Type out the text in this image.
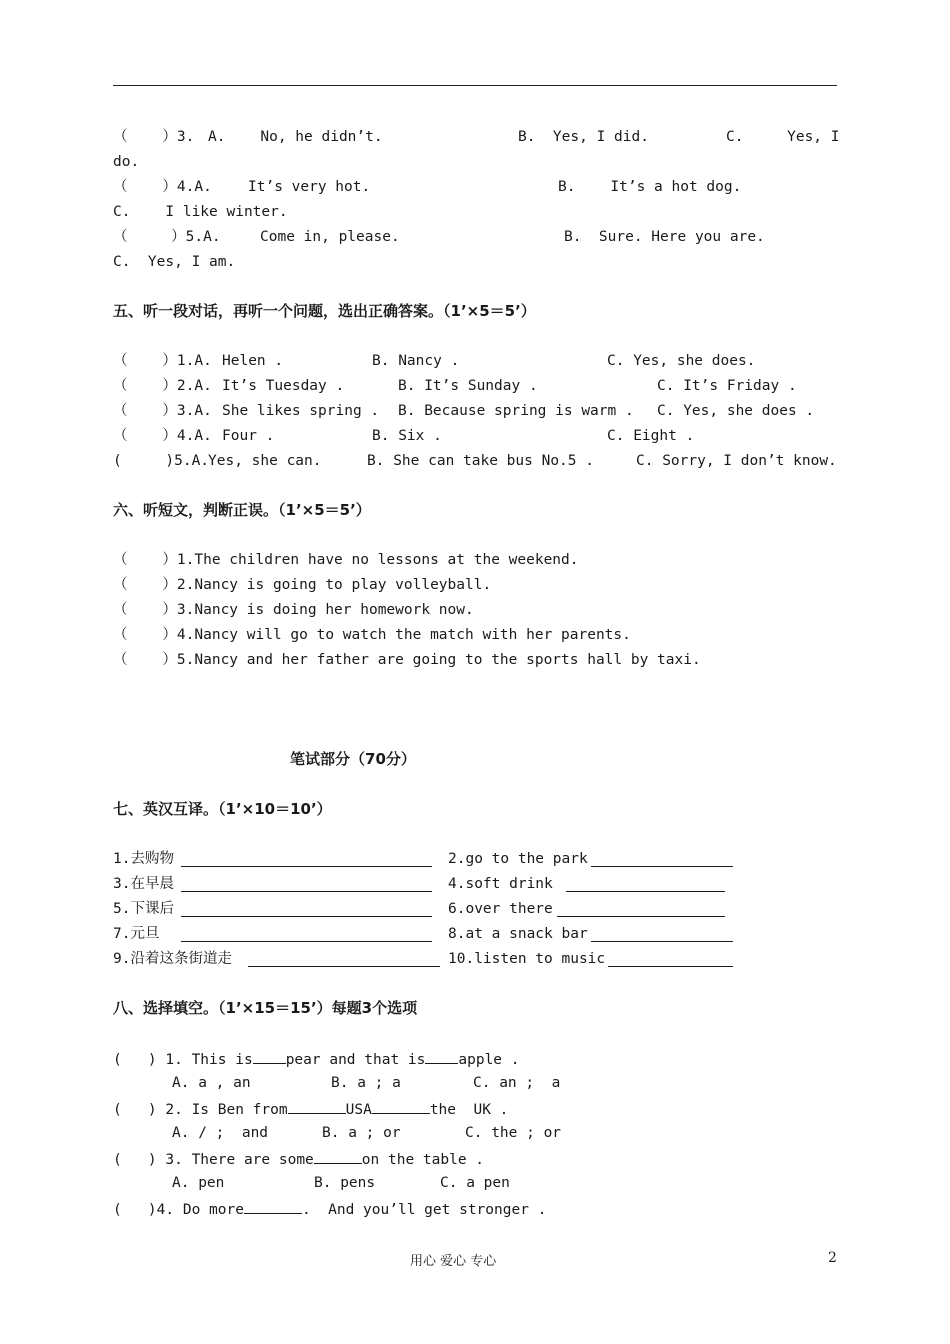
（    ）3. A.    No, he didn’t.	B.  Yes, I did.	C.     Yes, I
do.
（    ）4.A. It’s very hot.	B.    It’s a hot dog.
C.    I like winter.
（     ）5.A.	Come in, please.	B.  Sure. Here you are.
C.  Yes, I am.
五、听一段对话，再听一个问题，选出正确答案。（1’×5＝5’）
（    ）1.A. Helen .	B. Nancy .	C. Yes, she does.
（    ）2.A. It’s Tuesday .	B. It’s Sunday .	C. It’s Friday .
（    ）3.A. She likes spring . B. Because spring is warm . C. Yes, she does .
（    ）4.A. Four .	B. Six .	C. Eight .
(     )5.A.
Yes, she can.	B. She can take bus No.5 .	C. Sorry, I don’t know.
六、听短文，判断正误。（1’×5＝5’）
（    ）1.The children have no lessons at the weekend.
（    ）2.Nancy is going to play volleyball.
（    ）3.Nancy is doing her homework now.
（    ）4.Nancy will go to watch the match with her parents.
（    ）5.Nancy and her father are going to the sports hall by taxi.
笔试部分（70分）
七、英汉互译。（1’×10＝10’）
1.去购物	2.go to the park
3.在早晨	4.soft drink
5.下课后	6.over there
7.元旦	8.at a snack bar
9.沿着这条街道走	10.listen to music
八、选择填空。（1’×15＝15’）每题3个选项
(   ) 1. This is pear and that is apple .
A. a , an	B. a ; a	C. an ;  a
(   ) 2. Is Ben from	USA	the  UK .
A. / ;  and	B. a ; or	C. the ; or
(   ) 3. There are some	on the table .
A. pen	B. pens	C. a pen
(   )4. Do more	.  And you’ll get stronger .
用心 爱心 专心	2
